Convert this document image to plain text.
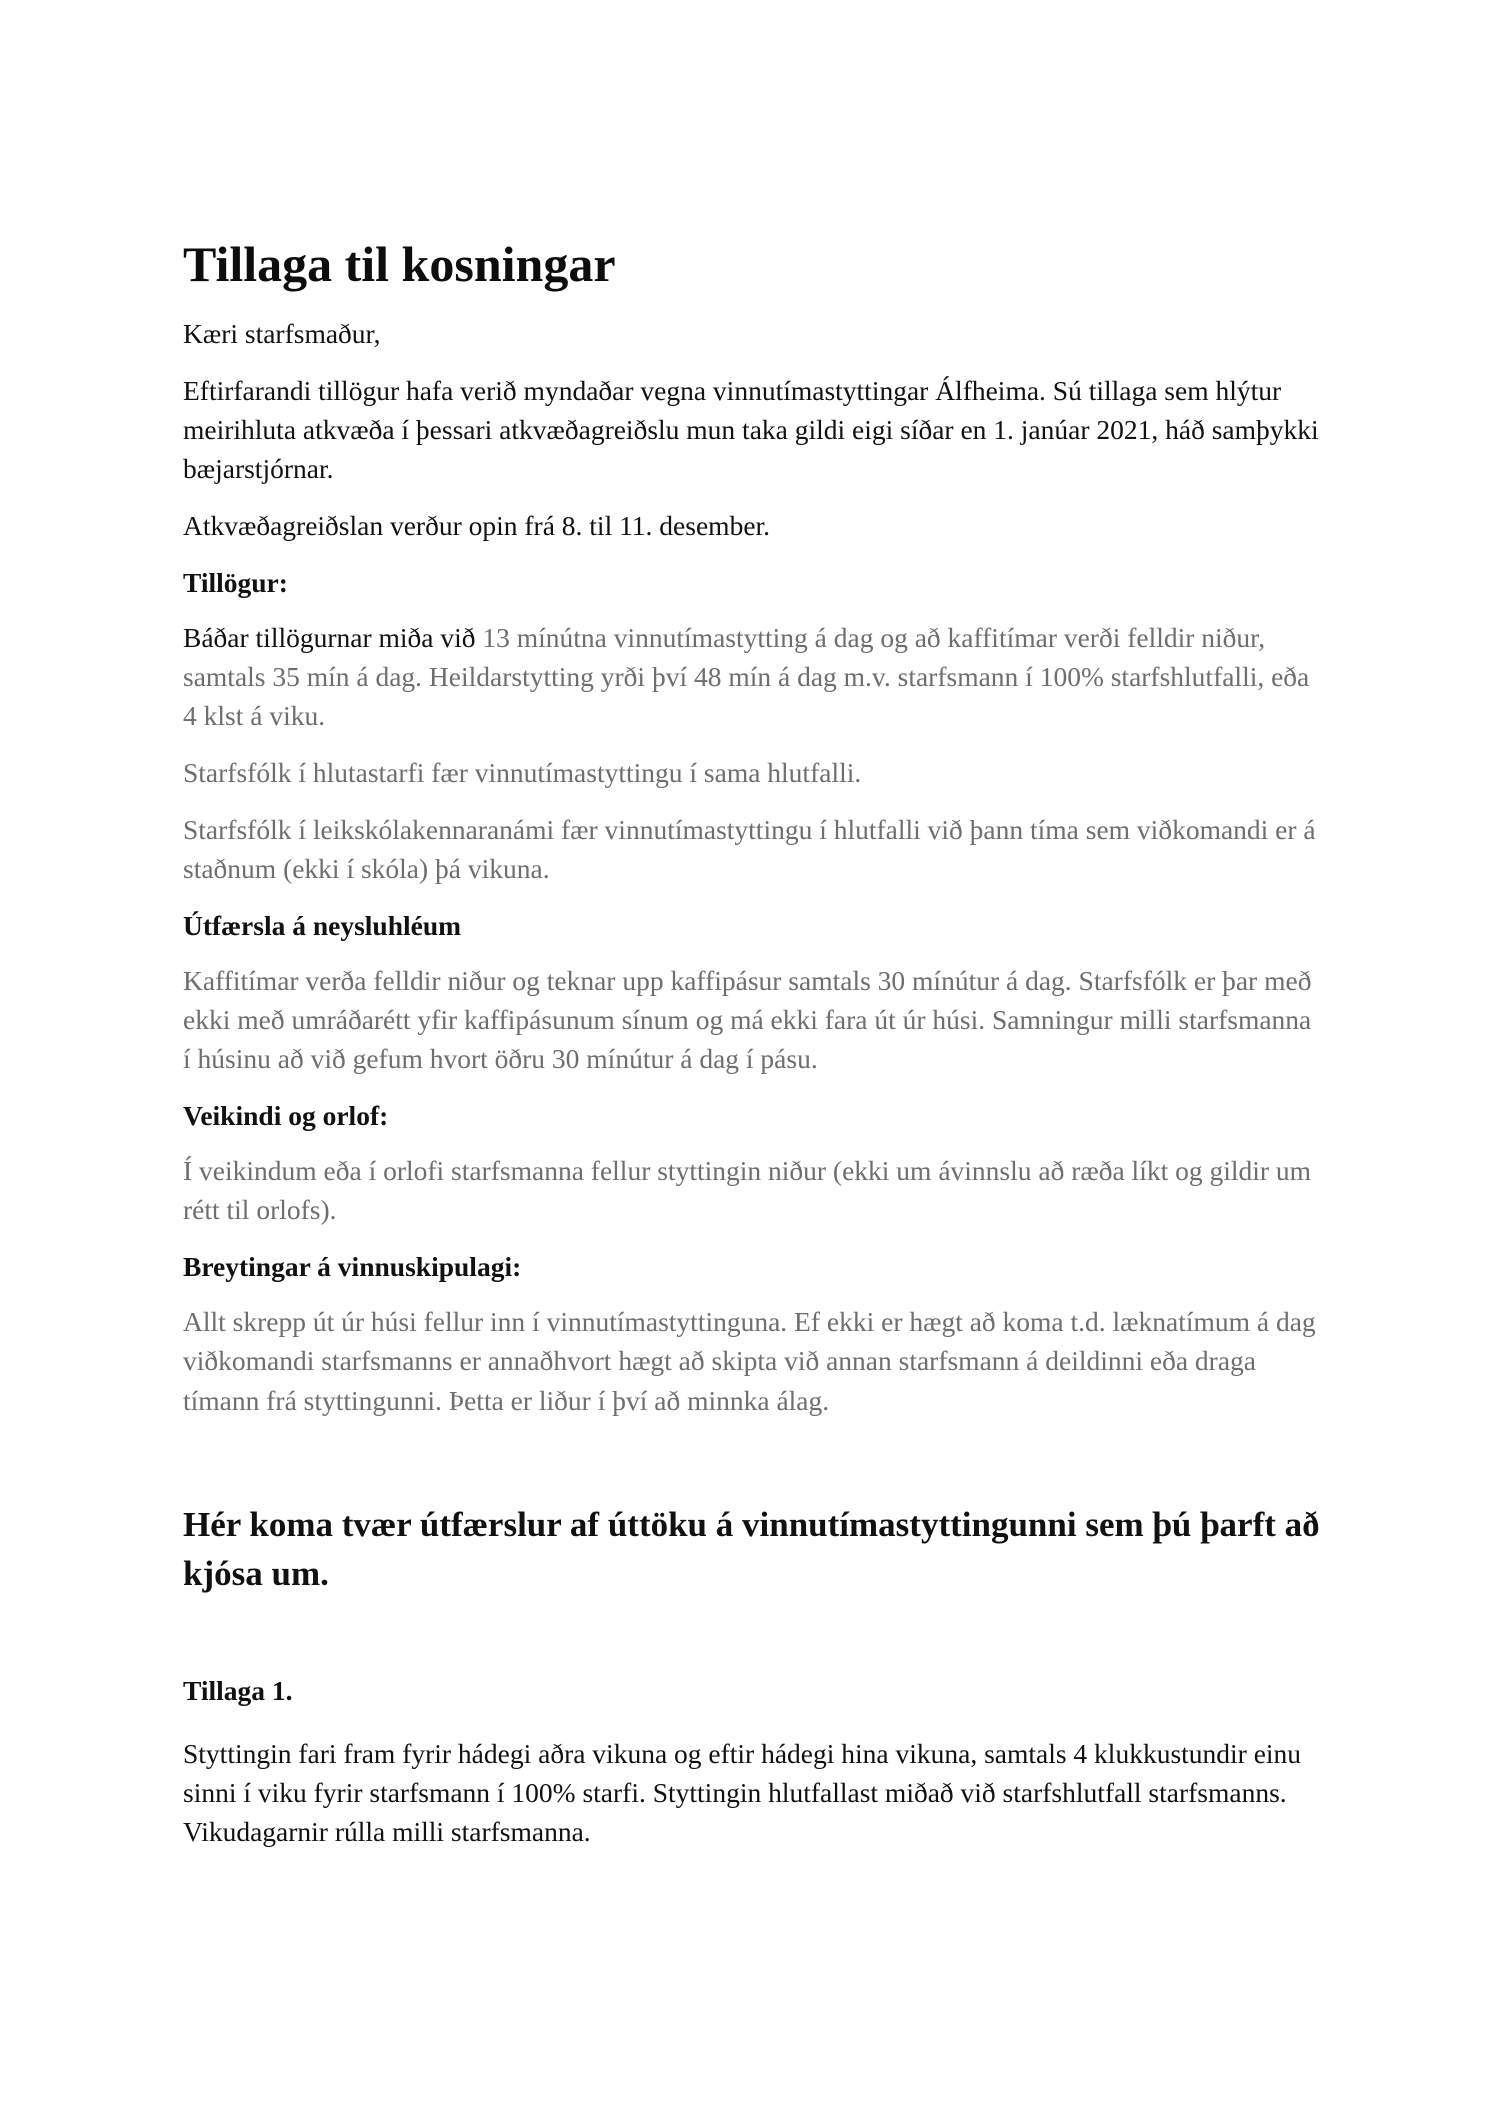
Tillaga til kosningar

Kæri starfsmaður,

Eftirfarandi tillögur hafa verið myndaðar vegna vinnutímastyttingar Álfheima. Sú tillaga sem hlýtur meirihluta atkvæða í þessari atkvæðagreiðslu mun taka gildi eigi síðar en 1. janúar 2021, háð samþykki bæjarstjórnar.

Atkvæðagreiðslan verður opin frá 8. til 11. desember.

Tillögur:

Báðar tillögurnar miða við 13 mínútna vinnutímastytting á dag og að kaffitímar verði felldir niður, samtals 35 mín á dag. Heildarstytting yrði því 48 mín á dag m.v. starfsmann í 100% starfshlutfalli, eða 4 klst á viku.

Starfsfólk í hlutastarfi fær vinnutímastyttingu í sama hlutfalli.

Starfsfólk í leikskólakennaranámi fær vinnutímastyttingu í hlutfalli við þann tíma sem viðkomandi er á staðnum (ekki í skóla) þá vikuna.

Útfærsla á neysluhléum

Kaffitímar verða felldir niður og teknar upp kaffipásur samtals 30 mínútur á dag. Starfsfólk er þar með ekki með umráðarétt yfir kaffipásunum sínum og má ekki fara út úr húsi. Samningur milli starfsmanna í húsinu að við gefum hvort öðru 30 mínútur á dag í pásu.

Veikindi og orlof:

Í veikindum eða í orlofi starfsmanna fellur styttingin niður (ekki um ávinnslu að ræða líkt og gildir um rétt til orlofs).

Breytingar á vinnuskipulagi:

Allt skrepp út úr húsi fellur inn í vinnutímastyttinguna. Ef ekki er hægt að koma t.d. læknatímum á dag viðkomandi starfsmanns er annaðhvort hægt að skipta við annan starfsmann á deildinni eða draga tímann frá styttingunni. Þetta er liður í því að minnka álag.

Hér koma tvær útfærslur af úttöku á vinnutímastyttingunni sem þú þarft að kjósa um.
Tillaga 1.

Styttingin fari fram fyrir hádegi aðra vikuna og eftir hádegi hina vikuna, samtals 4 klukkustundir einu sinni í viku fyrir starfsmann í 100% starfi. Styttingin hlutfallast miðað við starfshlutfall starfsmanns. Vikudagarnir rúlla milli starfsmanna.
